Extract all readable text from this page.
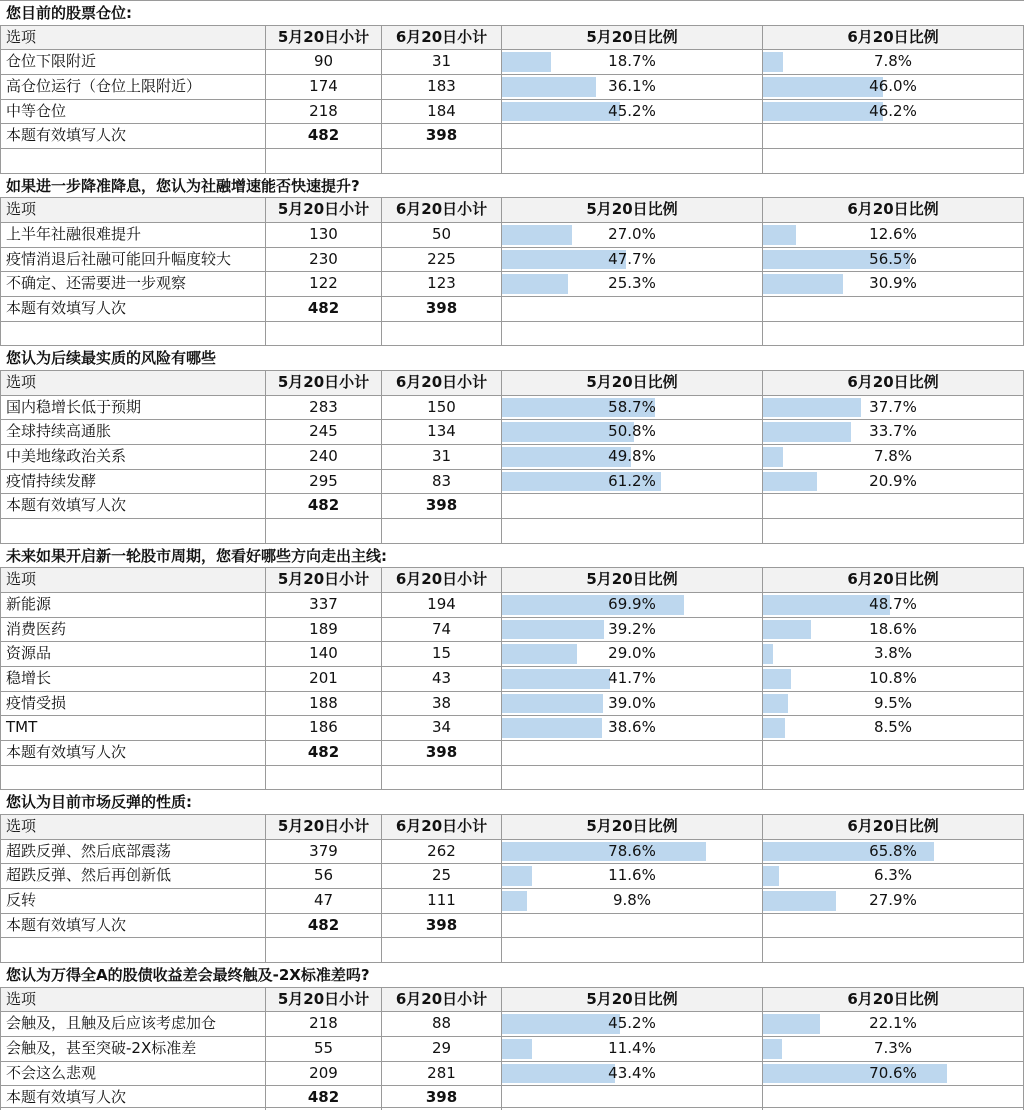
您目前的股票仓位:
选项	5月20日小计	6月20日小计	5月20日比例	6月20日比例
仓位下限附近	90	31	18.7%	7.8%
高仓位运行（仓位上限附近）	174	183	36.1%	46.0%
中等仓位	218	184	45.2%	46.2%
本题有效填写人次	482	398
如果进一步降准降息，您认为社融增速能否快速提升?
选项	5月20日小计	6月20日小计	5月20日比例	6月20日比例
上半年社融很难提升	130	50	27.0%	12.6%
疫情消退后社融可能回升幅度较大	230	225	47.7%	56.5%
不确定、还需要进一步观察	122	123	25.3%	30.9%
本题有效填写人次	482	398
您认为后续最实质的风险有哪些
选项	5月20日小计	6月20日小计	5月20日比例	6月20日比例
国内稳增长低于预期	283	150	58.7%	37.7%
全球持续高通胀	245	134	50.8%	33.7%
中美地缘政治关系	240	31	49.8%	7.8%
疫情持续发酵	295	83	61.2%	20.9%
本题有效填写人次	482	398
未来如果开启新一轮股市周期，您看好哪些方向走出主线:
选项	5月20日小计	6月20日小计	5月20日比例	6月20日比例
新能源	337	194	69.9%	48.7%
消费医药	189	74	39.2%	18.6%
资源品	140	15	29.0%	3.8%
稳增长	201	43	41.7%	10.8%
疫情受损	188	38	39.0%	9.5%
TMT	186	34	38.6%	8.5%
本题有效填写人次	482	398
您认为目前市场反弹的性质:
选项	5月20日小计	6月20日小计	5月20日比例	6月20日比例
超跌反弹、然后底部震荡	379	262	78.6%	65.8%
超跌反弹、然后再创新低	56	25	11.6%	6.3%
反转	47	111	9.8%	27.9%
本题有效填写人次	482	398
您认为万得全A的股债收益差会最终触及-2X标准差吗?
选项	5月20日小计	6月20日小计	5月20日比例	6月20日比例
会触及，且触及后应该考虑加仓	218	88	45.2%	22.1%
会触及，甚至突破-2X标准差	55	29	11.4%	7.3%
不会这么悲观	209	281	43.4%	70.6%
本题有效填写人次	482	398
